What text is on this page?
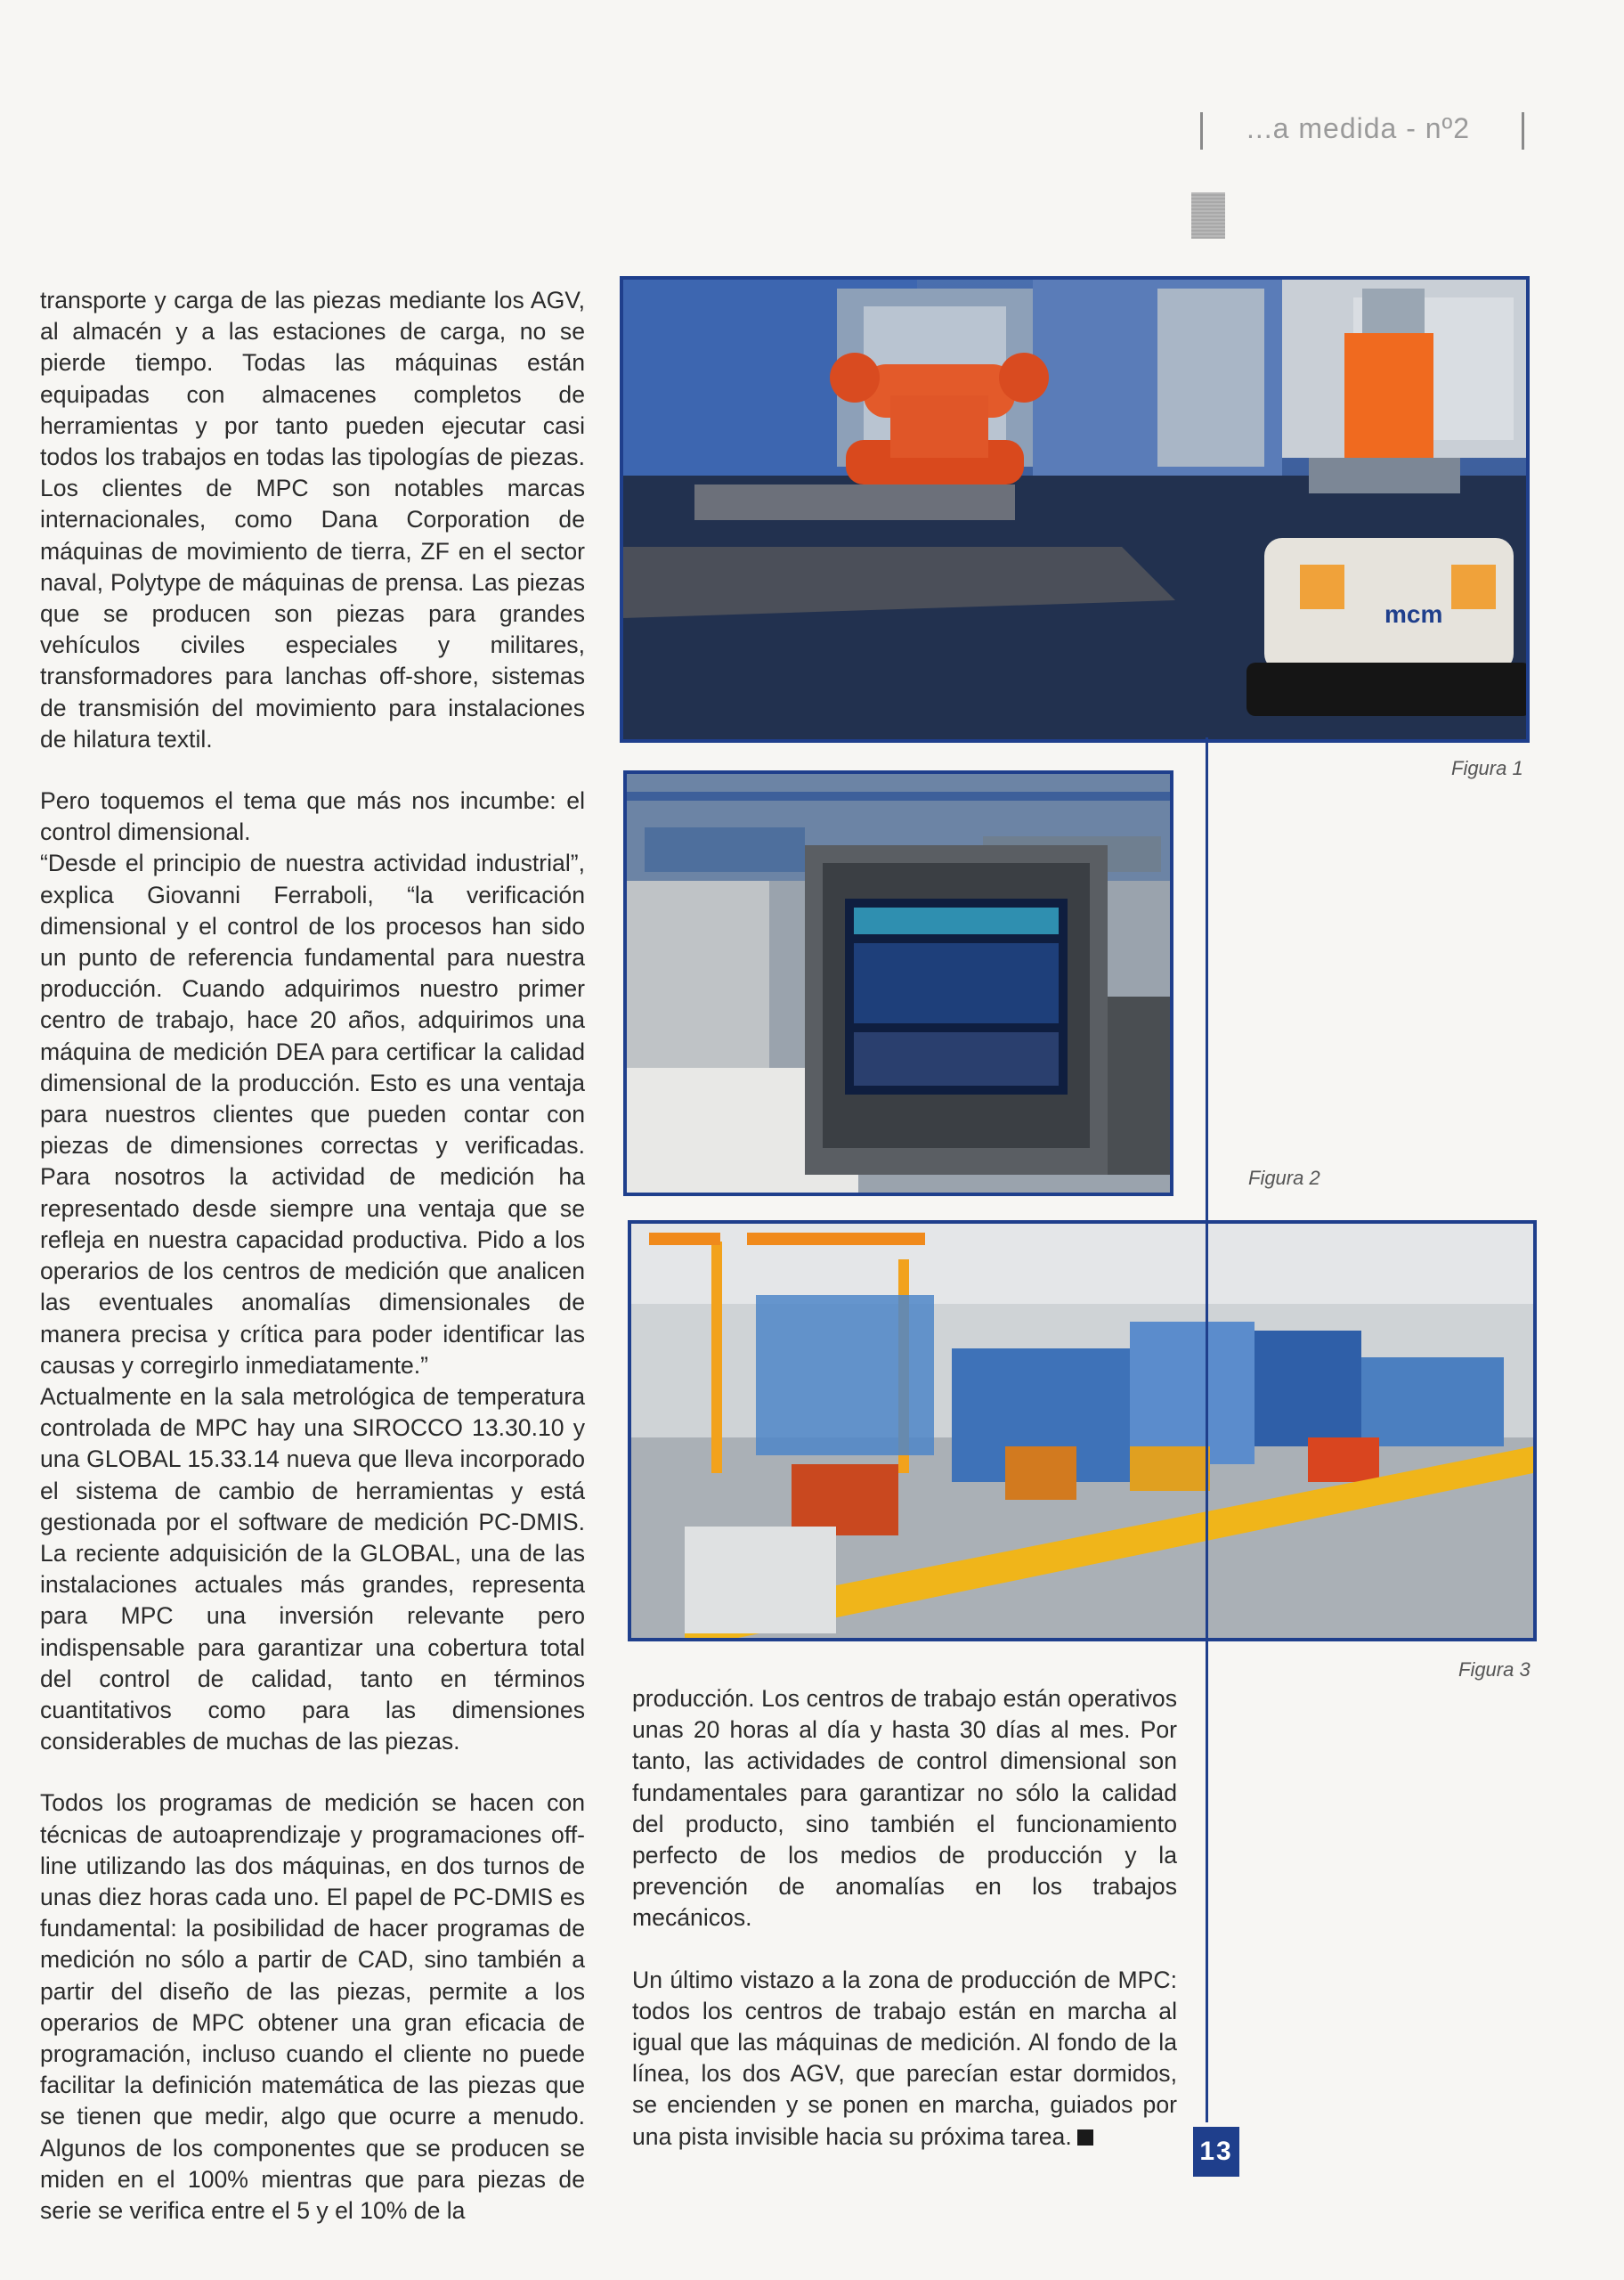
...a medida - nº2

transporte y carga de las piezas mediante los AGV, al almacén y a las estaciones de carga, no se pierde tiempo. Todas las máquinas están equipadas con almacenes completos de herramientas y por tanto pueden ejecutar casi todos los trabajos en todas las tipologías de piezas. Los clientes de MPC son notables marcas internacionales, como Dana Corporation de máquinas de movimiento de tierra, ZF en el sector naval, Polytype de máquinas de prensa. Las piezas que se producen son piezas para grandes vehículos civiles especiales y militares, transformadores para lanchas off-shore, sistemas de transmisión del movimiento para instalaciones de hilatura textil.

Pero toquemos el tema que más nos incumbe: el control dimensional.

“Desde el principio de nuestra actividad industrial”, explica Giovanni Ferraboli, “la verificación dimensional y el control de los procesos han sido un punto de referencia fundamental para nuestra producción. Cuando adquirimos nuestro primer centro de trabajo, hace 20 años, adquirimos una máquina de medición DEA para certificar la calidad dimensional de la producción. Esto es una ventaja para nuestros clientes que pueden contar con piezas de dimensiones correctas y verificadas. Para nosotros la actividad de medición ha representado desde siempre una ventaja que se refleja en nuestra capacidad productiva. Pido a los operarios de los centros de medición que analicen las eventuales anomalías dimensionales de manera precisa y crítica para poder identificar las causas y corregirlo inmediatamente.”

Actualmente en la sala metrológica de temperatura controlada de MPC hay una SIROCCO 13.30.10 y una GLOBAL 15.33.14 nueva que lleva incorporado el sistema de cambio de herramientas y está gestionada por el software de medición PC-DMIS. La reciente adquisición de la GLOBAL, una de las instalaciones actuales más grandes, representa para MPC una inversión relevante pero indispensable para garantizar una cobertura total del control de calidad, tanto en términos cuantitativos como para las dimensiones considerables de muchas de las piezas.

Todos los programas de medición se hacen con técnicas de autoaprendizaje y programaciones off-line utilizando las dos máquinas, en dos turnos de unas diez horas cada uno. El papel de PC-DMIS es fundamental: la posibilidad de hacer programas de medición no sólo a partir de CAD, sino también a partir del diseño de las piezas, permite a los operarios de MPC obtener una gran eficacia de programación, incluso cuando el cliente no puede facilitar la definición matemática de las piezas que se tienen que medir, algo que ocurre a menudo. Algunos de los componentes que se producen se miden en el 100% mientras que para piezas de serie se verifica entre el 5 y el 10% de la

mcm
Figura 1
Figura 2
Figura 3

producción. Los centros de trabajo están operativos unas 20 horas al día y hasta 30 días al mes. Por tanto, las actividades de control dimensional son fundamentales para garantizar no sólo la calidad del producto, sino también el funcionamiento perfecto de los medios de producción y la prevención de anomalías en los trabajos mecánicos.

Un último vistazo a la zona de producción de MPC: todos los centros de trabajo están en marcha al igual que las máquinas de medición. Al fondo de la línea, los dos AGV, que parecían estar dormidos, se encienden y se ponen en marcha, guiados por una pista invisible hacia su próxima tarea.

13
